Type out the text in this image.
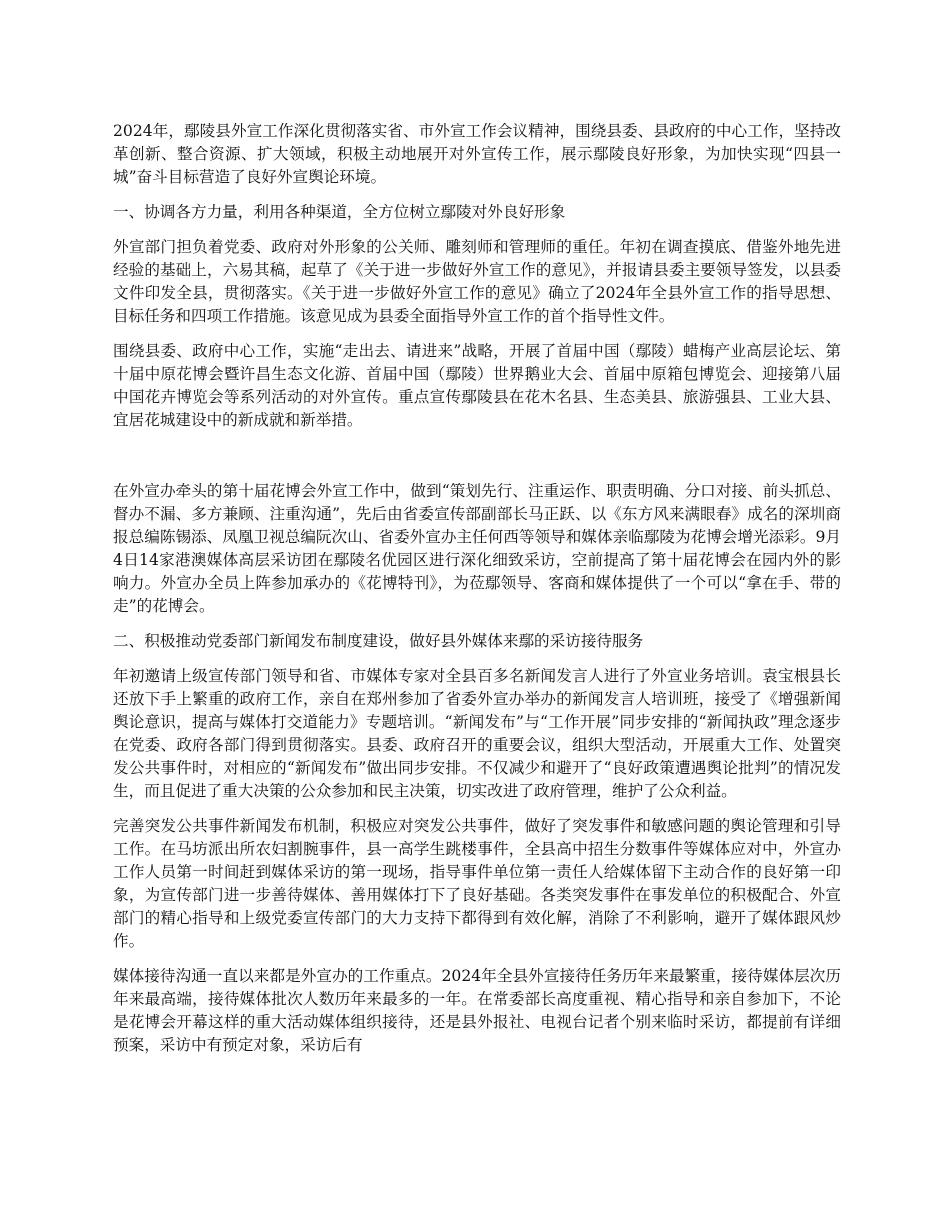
2024年，鄢陵县外宣工作深化贯彻落实省、市外宣工作会议精神，围绕县委、县政府的中心工作，坚持改革创新、整合资源、扩大领域，积极主动地展开对外宣传工作，展示鄢陵良好形象，为加快实现“四县一城”奋斗目标营造了良好外宣舆论环境。

一、协调各方力量，利用各种渠道，全方位树立鄢陵对外良好形象

外宣部门担负着党委、政府对外形象的公关师、雕刻师和管理师的重任。年初在调查摸底、借鉴外地先进经验的基础上，六易其稿，起草了《关于进一步做好外宣工作的意见》，并报请县委主要领导签发，以县委文件印发全县，贯彻落实。《关于进一步做好外宣工作的意见》确立了2024年全县外宣工作的指导思想、目标任务和四项工作措施。该意见成为县委全面指导外宣工作的首个指导性文件。

围绕县委、政府中心工作，实施“走出去、请进来”战略，开展了首届中国（鄢陵）蜡梅产业高层论坛、第十届中原花博会暨许昌生态文化游、首届中国（鄢陵）世界鹅业大会、首届中原箱包博览会、迎接第八届中国花卉博览会等系列活动的对外宣传。重点宣传鄢陵县在花木名县、生态美县、旅游强县、工业大县、宜居花城建设中的新成就和新举措。

在外宣办牵头的第十届花博会外宣工作中，做到“策划先行、注重运作、职责明确、分口对接、前头抓总、督办不漏、多方兼顾、注重沟通”，先后由省委宣传部副部长马正跃、以《东方风来满眼春》成名的深圳商报总编陈锡添、凤凰卫视总编阮次山、省委外宣办主任何西等领导和媒体亲临鄢陵为花博会增光添彩。9月4日14家港澳媒体高层采访团在鄢陵名优园区进行深化细致采访，空前提高了第十届花博会在园内外的影响力。外宣办全员上阵参加承办的《花博特刊》，为莅鄢领导、客商和媒体提供了一个可以“拿在手、带的走”的花博会。

二、积极推动党委部门新闻发布制度建设，做好县外媒体来鄢的采访接待服务

年初邀请上级宣传部门领导和省、市媒体专家对全县百多名新闻发言人进行了外宣业务培训。袁宝根县长还放下手上繁重的政府工作，亲自在郑州参加了省委外宣办举办的新闻发言人培训班，接受了《增强新闻舆论意识，提高与媒体打交道能力》专题培训。“新闻发布”与“工作开展”同步安排的“新闻执政”理念逐步在党委、政府各部门得到贯彻落实。县委、政府召开的重要会议，组织大型活动，开展重大工作、处置突发公共事件时，对相应的“新闻发布”做出同步安排。不仅减少和避开了“良好政策遭遇舆论批判”的情况发生，而且促进了重大决策的公众参加和民主决策，切实改进了政府管理，维护了公众利益。

完善突发公共事件新闻发布机制，积极应对突发公共事件，做好了突发事件和敏感问题的舆论管理和引导工作。在马坊派出所农妇割腕事件，县一高学生跳楼事件，全县高中招生分数事件等媒体应对中，外宣办工作人员第一时间赶到媒体采访的第一现场，指导事件单位第一责任人给媒体留下主动合作的良好第一印象，为宣传部门进一步善待媒体、善用媒体打下了良好基础。各类突发事件在事发单位的积极配合、外宣部门的精心指导和上级党委宣传部门的大力支持下都得到有效化解，消除了不利影响，避开了媒体跟风炒作。

媒体接待沟通一直以来都是外宣办的工作重点。2024年全县外宣接待任务历年来最繁重，接待媒体层次历年来最高端，接待媒体批次人数历年来最多的一年。在常委部长高度重视、精心指导和亲自参加下，不论是花博会开幕这样的重大活动媒体组织接待，还是县外报社、电视台记者个别来临时采访，都提前有详细预案，采访中有预定对象，采访后有
